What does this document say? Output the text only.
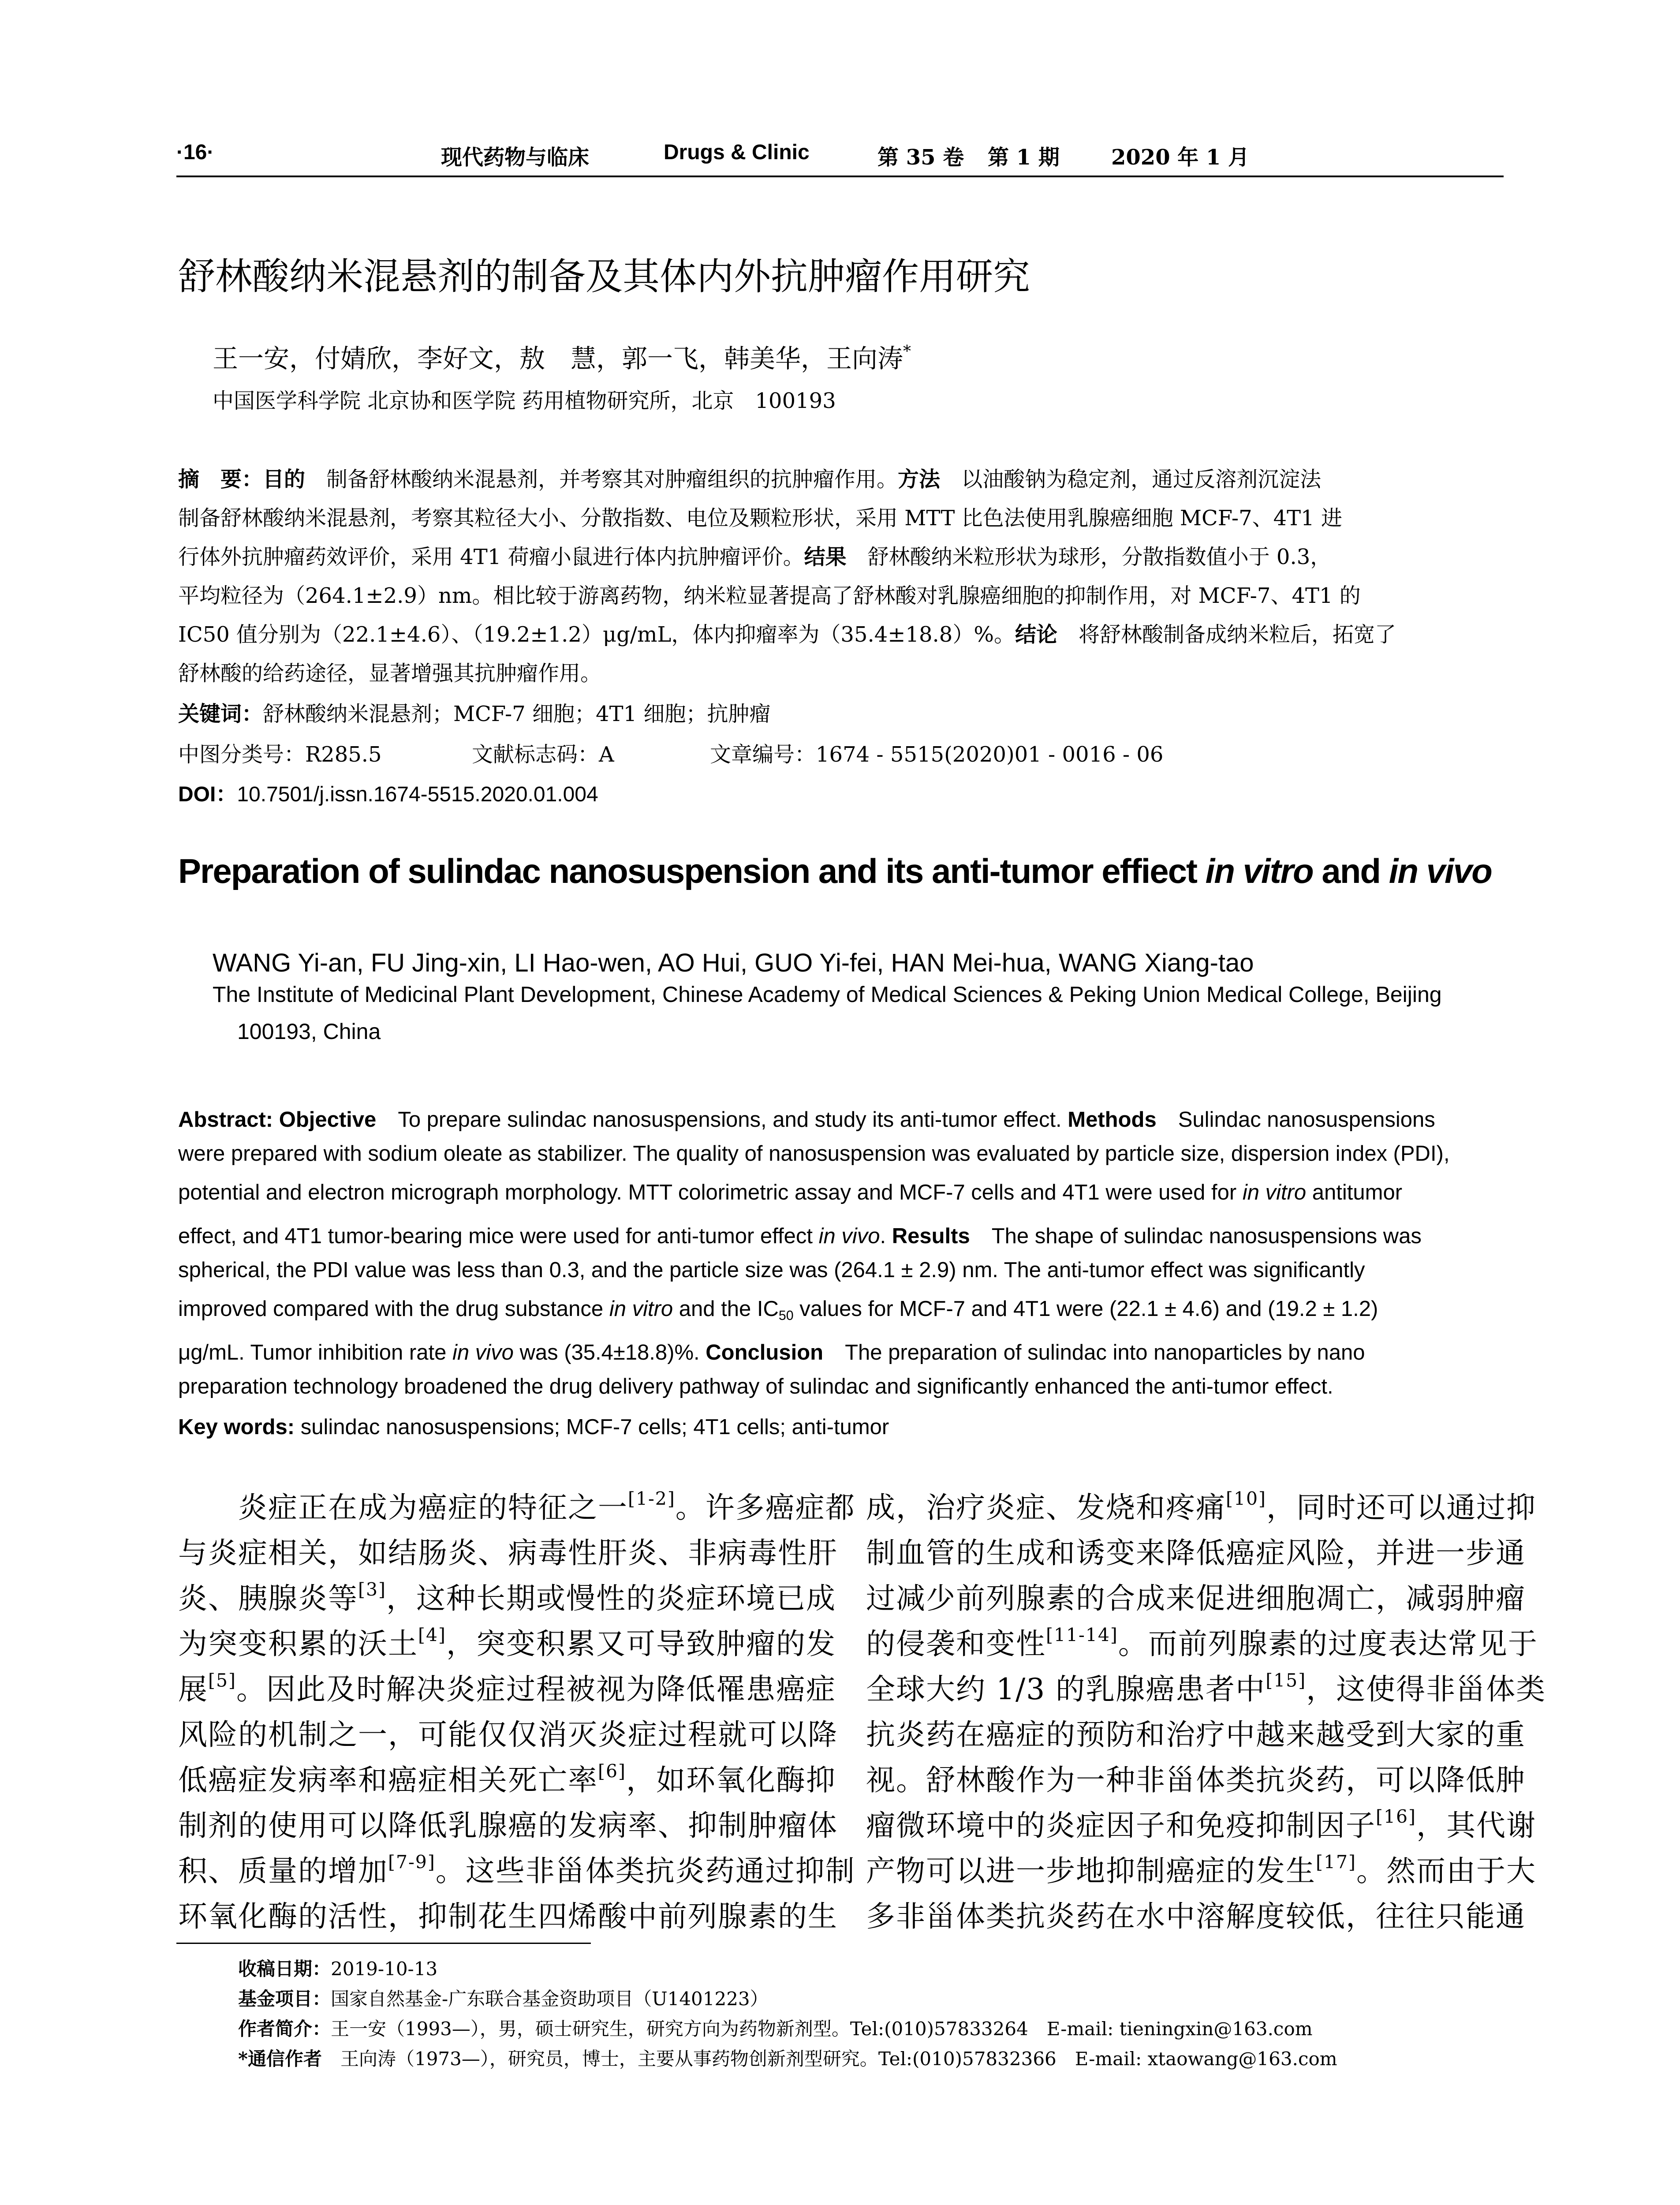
·16·	现代药物与临床	Drugs & Clinic	第 35 卷 第 1 期 2020 年 1 月
舒林酸纳米混悬剂的制备及其体内外抗肿瘤作用研究
王一安，付婧欣，李好文，敖　慧，郭一飞，韩美华，王向涛*
中国医学科学院 北京协和医学院 药用植物研究所，北京　100193
摘　要：目的　制备舒林酸纳米混悬剂，并考察其对肿瘤组织的抗肿瘤作用。方法　以油酸钠为稳定剂，通过反溶剂沉淀法
制备舒林酸纳米混悬剂，考察其粒径大小、分散指数、电位及颗粒形状，采用 MTT 比色法使用乳腺癌细胞 MCF-7、4T1 进
行体外抗肿瘤药效评价，采用 4T1 荷瘤小鼠进行体内抗肿瘤评价。结果　舒林酸纳米粒形状为球形，分散指数值小于 0.3，
平均粒径为（264.1±2.9）nm。相比较于游离药物，纳米粒显著提高了舒林酸对乳腺癌细胞的抑制作用，对 MCF-7、4T1 的
IC50 值分别为（22.1±4.6）、（19.2±1.2）μg/mL，体内抑瘤率为（35.4±18.8）%。结论　将舒林酸制备成纳米粒后，拓宽了
舒林酸的给药途径，显著增强其抗肿瘤作用。
关键词：舒林酸纳米混悬剂；MCF-7 细胞；4T1 细胞；抗肿瘤
中图分类号：R285.5	文献标志码：A	文章编号：1674 - 5515(2020)01 - 0016 - 06
DOI：10.7501/j.issn.1674-5515.2020.01.004
Preparation of sulindac nanosuspension and its anti-tumor effiect in vitro and in vivo
WANG Yi-an, FU Jing-xin, LI Hao-wen, AO Hui, GUO Yi-fei, HAN Mei-hua, WANG Xiang-tao
The Institute of Medicinal Plant Development, Chinese Academy of Medical Sciences & Peking Union Medical College, Beijing
100193, China
Abstract: Objective　To prepare sulindac nanosuspensions, and study its anti-tumor effect. Methods　Sulindac nanosuspensions
were prepared with sodium oleate as stabilizer. The quality of nanosuspension was evaluated by particle size, dispersion index (PDI),
potential and electron micrograph morphology. MTT colorimetric assay and MCF-7 cells and 4T1 were used for in vitro antitumor
effect, and 4T1 tumor-bearing mice were used for anti-tumor effect in vivo. Results　The shape of sulindac nanosuspensions was
spherical, the PDI value was less than 0.3, and the particle size was (264.1 ± 2.9) nm. The anti-tumor effect was significantly
improved compared with the drug substance in vitro and the $IC_{50}$ values for MCF-7 and 4T1 were (22.1 ± 4.6) and (19.2 ± 1.2)
μg/mL. Tumor inhibition rate in vivo was (35.4±18.8)%. Conclusion　The preparation of sulindac into nanoparticles by nano
preparation technology broadened the drug delivery pathway of sulindac and significantly enhanced the anti-tumor effect.
Key words: sulindac nanosuspensions; MCF-7 cells; 4T1 cells; anti-tumor
　　炎症正在成为癌症的特征之一[1-2]。许多癌症都
与炎症相关，如结肠炎、病毒性肝炎、非病毒性肝
炎、胰腺炎等[3]，这种长期或慢性的炎症环境已成
为突变积累的沃土[4]，突变积累又可导致肿瘤的发
展[5]。因此及时解决炎症过程被视为降低罹患癌症
风险的机制之一，可能仅仅消灭炎症过程就可以降
低癌症发病率和癌症相关死亡率[6]，如环氧化酶抑
制剂的使用可以降低乳腺癌的发病率、抑制肿瘤体
积、质量的增加[7-9]。这些非甾体类抗炎药通过抑制
环氧化酶的活性，抑制花生四烯酸中前列腺素的生
成，治疗炎症、发烧和疼痛[10]，同时还可以通过抑
制血管的生成和诱变来降低癌症风险，并进一步通
过减少前列腺素的合成来促进细胞凋亡，减弱肿瘤
的侵袭和变性[11-14]。而前列腺素的过度表达常见于
全球大约 1/3 的乳腺癌患者中[15]，这使得非甾体类
抗炎药在癌症的预防和治疗中越来越受到大家的重
视。舒林酸作为一种非甾体类抗炎药，可以降低肿
瘤微环境中的炎症因子和免疫抑制因子[16]，其代谢
产物可以进一步地抑制癌症的发生[17]。然而由于大
多非甾体类抗炎药在水中溶解度较低，往往只能通
收稿日期：2019-10-13
基金项目：国家自然基金-广东联合基金资助项目（U1401223）
作者简介：王一安（1993—），男，硕士研究生，研究方向为药物新剂型。Tel:(010)57833264　E-mail: tieningxin@163.com
*通信作者　王向涛（1973—），研究员，博士，主要从事药物创新剂型研究。Tel:(010)57832366　E-mail: xtaowang@163.com
